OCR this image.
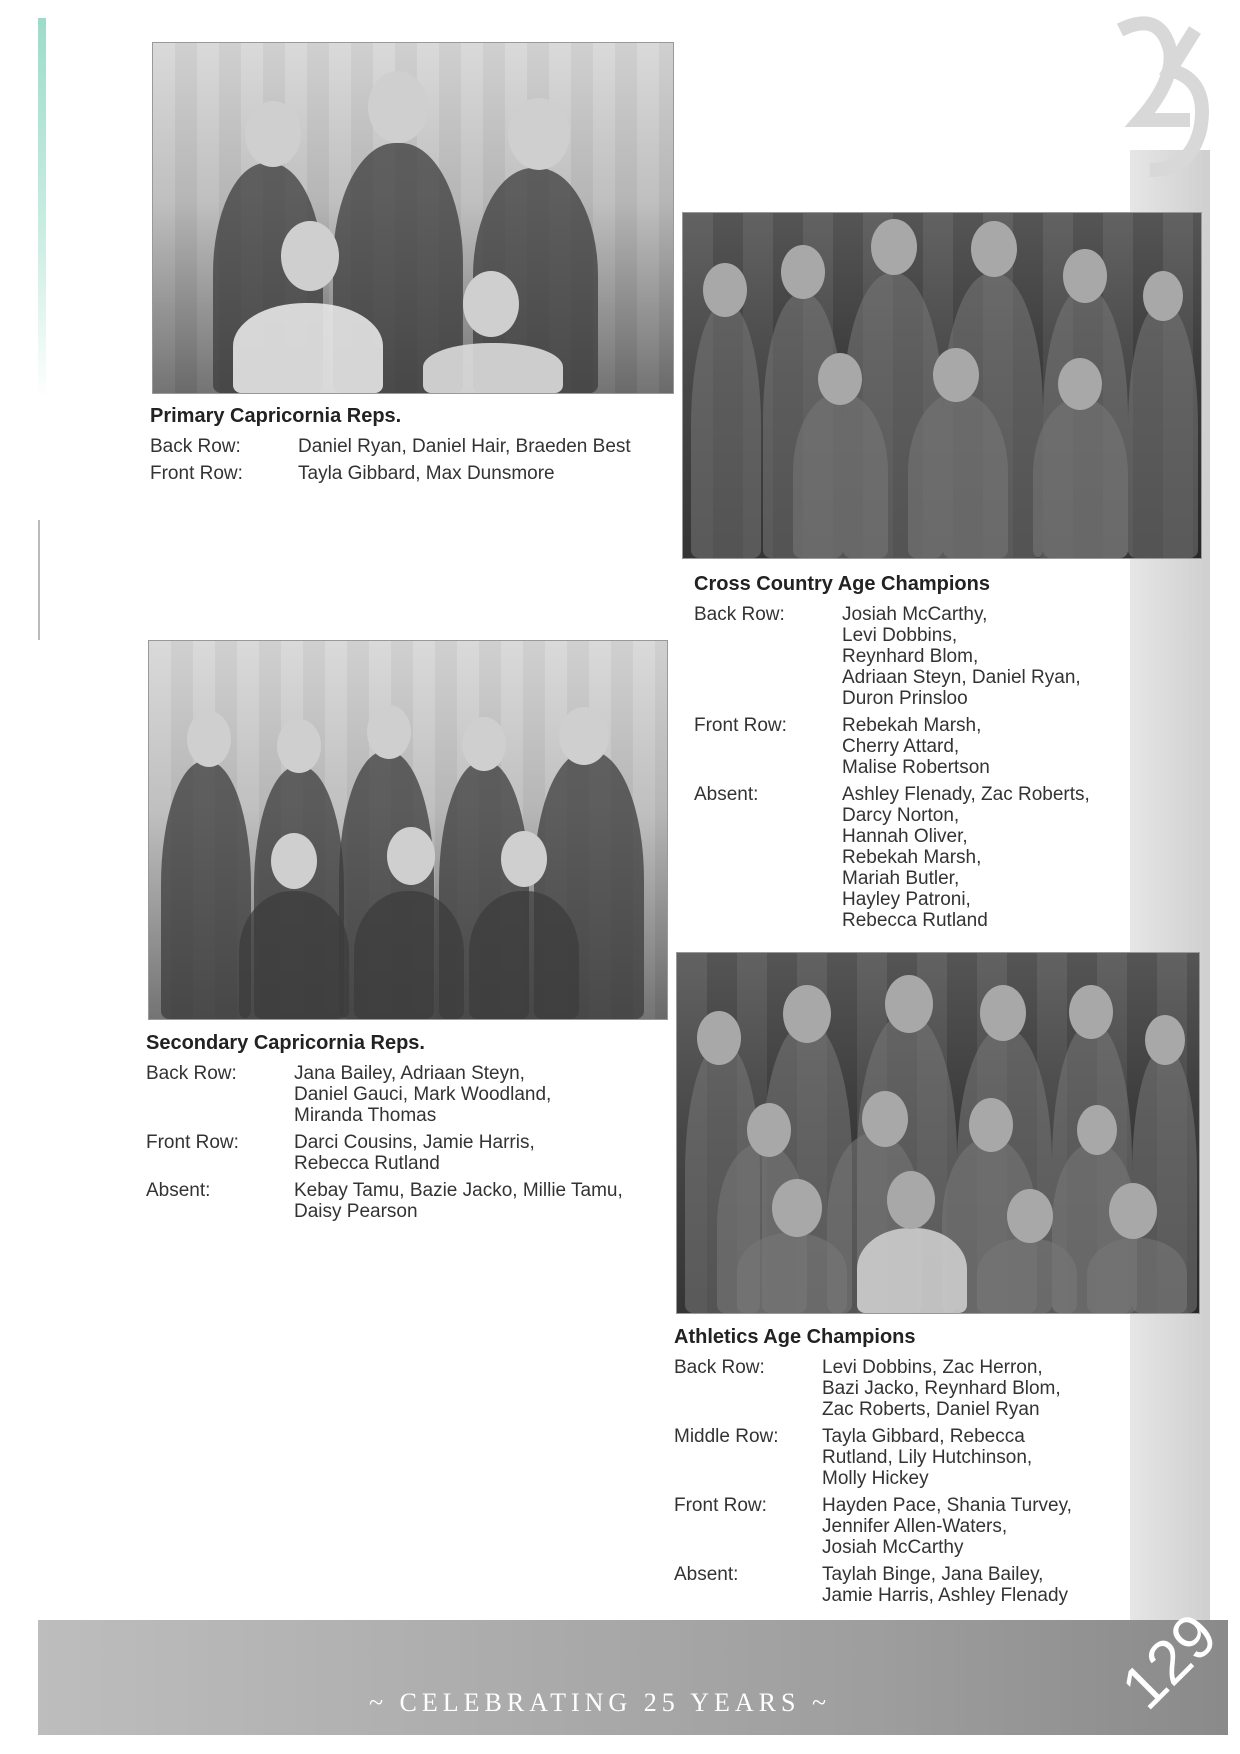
Primary Capricornia Reps.
Back Row:	Daniel Ryan, Daniel Hair, Braeden Best
Front Row:	Tayla Gibbard, Max Dunsmore
Cross Country Age Champions
Back Row:	Josiah McCarthy,
Levi Dobbins,
Reynhard Blom,
Adriaan Steyn, Daniel Ryan,
Duron Prinsloo
Front Row:	Rebekah Marsh,
Cherry Attard,
Malise Robertson
Absent:	Ashley Flenady, Zac Roberts,
Darcy Norton,
Hannah Oliver,
Rebekah Marsh,
Mariah Butler,
Hayley Patroni,
Rebecca Rutland
Secondary Capricornia Reps.
Back Row:	Jana Bailey, Adriaan Steyn,
Daniel Gauci, Mark Woodland,
Miranda Thomas
Front Row:	Darci Cousins, Jamie Harris,
Rebecca Rutland
Absent:	Kebay Tamu, Bazie Jacko, Millie Tamu,
Daisy Pearson
Athletics Age Champions
Back Row:	Levi Dobbins, Zac Herron,
Bazi Jacko, Reynhard Blom,
Zac Roberts, Daniel Ryan
Middle Row:	Tayla Gibbard, Rebecca
Rutland, Lily Hutchinson,
Molly Hickey
Front Row:	Hayden Pace, Shania Turvey,
Jennifer Allen-Waters,
Josiah McCarthy
Absent:	Taylah Binge, Jana Bailey,
Jamie Harris, Ashley Flenady
~ CELEBRATING 25 YEARS ~	129
